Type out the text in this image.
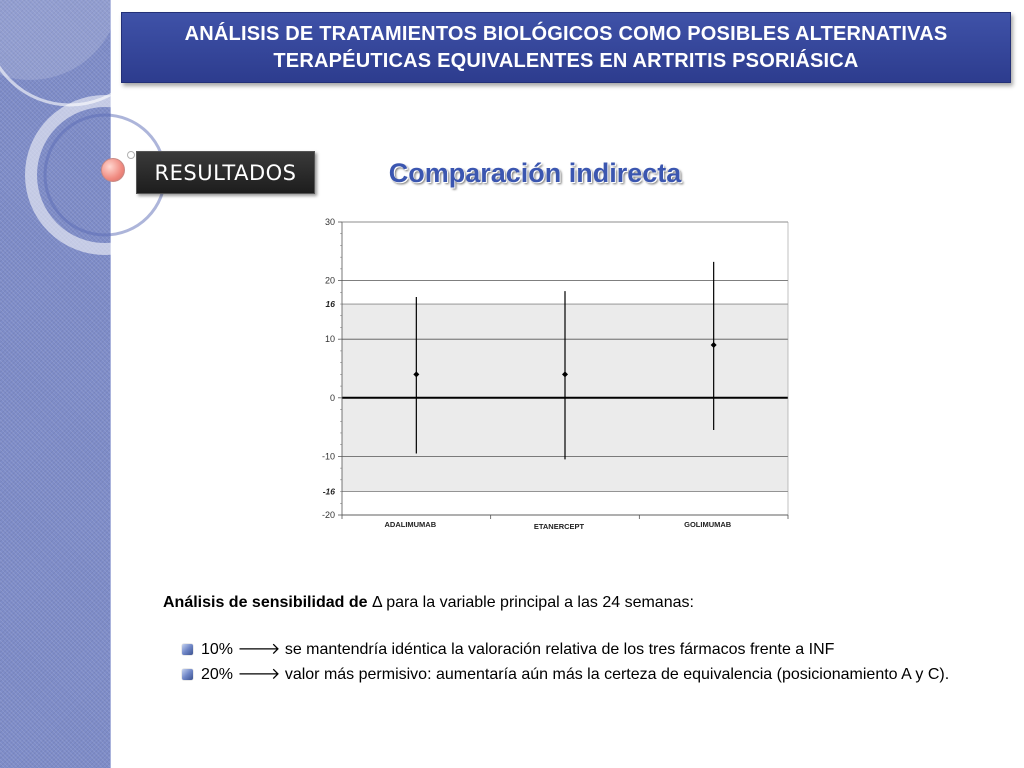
ANÁLISIS DE TRATAMIENTOS BIOLÓGICOS COMO POSIBLES ALTERNATIVAS
TERAPÉUTICAS EQUIVALENTES EN ARTRITIS PSORIÁSICA
RESULTADOS	Comparación indirecta
-20
-10
0
10
20
30
16
-16
ADALIMUMAB	ETANERCEPT	GOLIMUMAB
Análisis de sensibilidad de Δ para la variable principal a las 24 semanas:
10% 🡒 se mantendría idéntica la valoración relativa de los tres fármacos frente a INF
20% 🡒 valor más permisivo: aumentaría aún más la certeza de equivalencia (posicionamiento A y C).
